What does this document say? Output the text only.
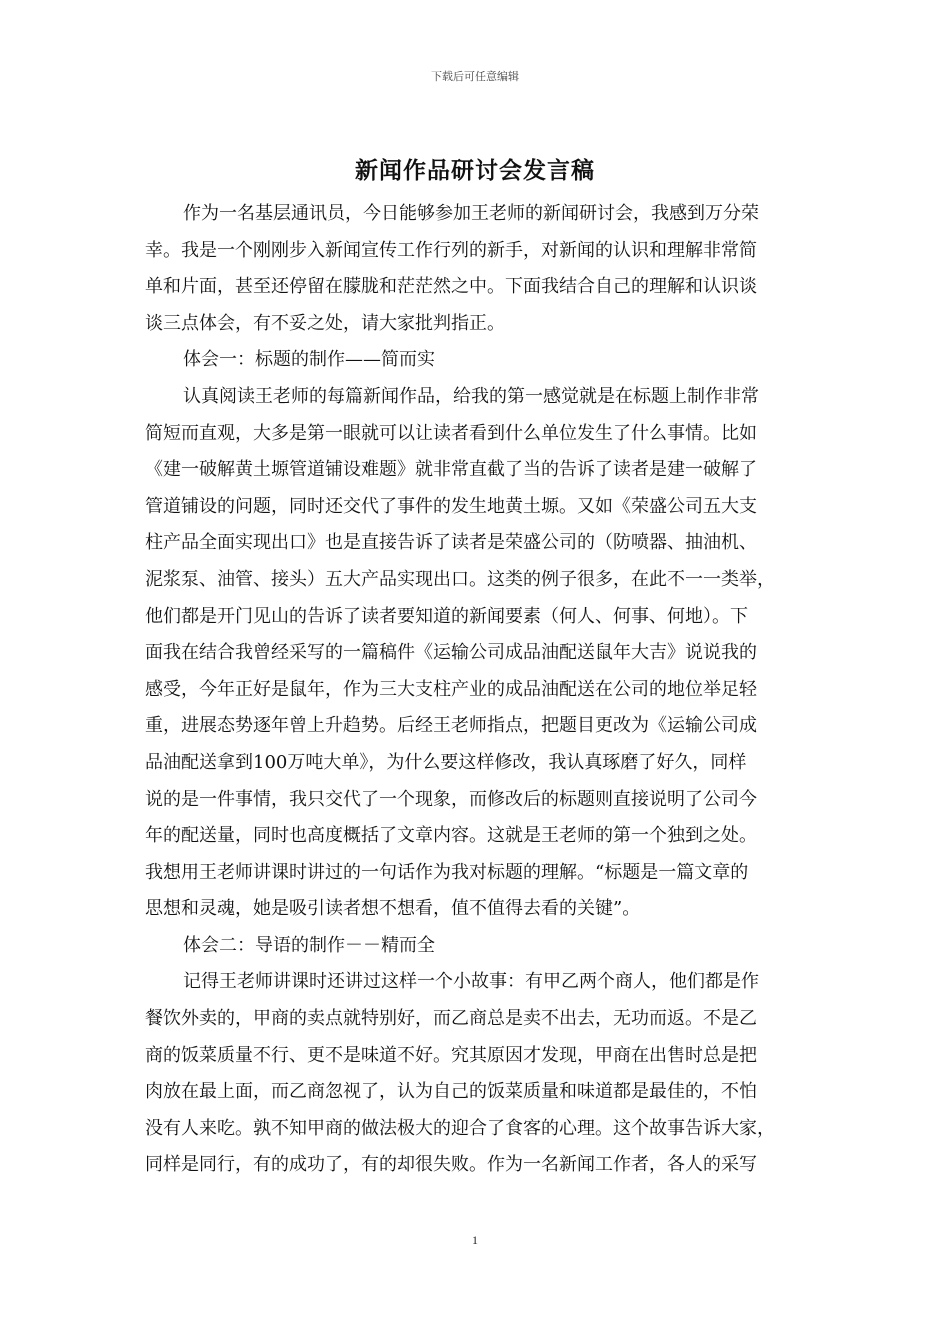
下载后可任意编辑
新闻作品研讨会发言稿
作为一名基层通讯员，今日能够参加王老师的新闻研讨会，我感到万分荣
幸。我是一个刚刚步入新闻宣传工作行列的新手，对新闻的认识和理解非常简
单和片面，甚至还停留在朦胧和茫茫然之中。下面我结合自己的理解和认识谈
谈三点体会，有不妥之处，请大家批判指正。
体会一：标题的制作——简而实
认真阅读王老师的每篇新闻作品，给我的第一感觉就是在标题上制作非常
简短而直观，大多是第一眼就可以让读者看到什么单位发生了什么事情。比如
《建一破解黄土塬管道铺设难题》就非常直截了当的告诉了读者是建一破解了
管道铺设的问题，同时还交代了事件的发生地黄土塬。又如《荣盛公司五大支
柱产品全面实现出口》也是直接告诉了读者是荣盛公司的（防喷器、抽油机、
泥浆泵、油管、接头）五大产品实现出口。这类的例子很多，在此不一一类举，
他们都是开门见山的告诉了读者要知道的新闻要素（何人、何事、何地）。下
面我在结合我曾经采写的一篇稿件《运输公司成品油配送鼠年大吉》说说我的
感受，今年正好是鼠年，作为三大支柱产业的成品油配送在公司的地位举足轻
重，进展态势逐年曾上升趋势。后经王老师指点，把题目更改为《运输公司成
品油配送拿到100万吨大单》，为什么要这样修改，我认真琢磨了好久，同样
说的是一件事情，我只交代了一个现象，而修改后的标题则直接说明了公司今
年的配送量，同时也高度概括了文章内容。这就是王老师的第一个独到之处。
我想用王老师讲课时讲过的一句话作为我对标题的理解。“标题是一篇文章的
思想和灵魂，她是吸引读者想不想看，值不值得去看的关键”。
体会二：导语的制作－－精而全
记得王老师讲课时还讲过这样一个小故事：有甲乙两个商人，他们都是作
餐饮外卖的，甲商的卖点就特别好，而乙商总是卖不出去，无功而返。不是乙
商的饭菜质量不行、更不是味道不好。究其原因才发现，甲商在出售时总是把
肉放在最上面，而乙商忽视了，认为自己的饭菜质量和味道都是最佳的，不怕
没有人来吃。孰不知甲商的做法极大的迎合了食客的心理。这个故事告诉大家，
同样是同行，有的成功了，有的却很失败。作为一名新闻工作者，各人的采写
1
